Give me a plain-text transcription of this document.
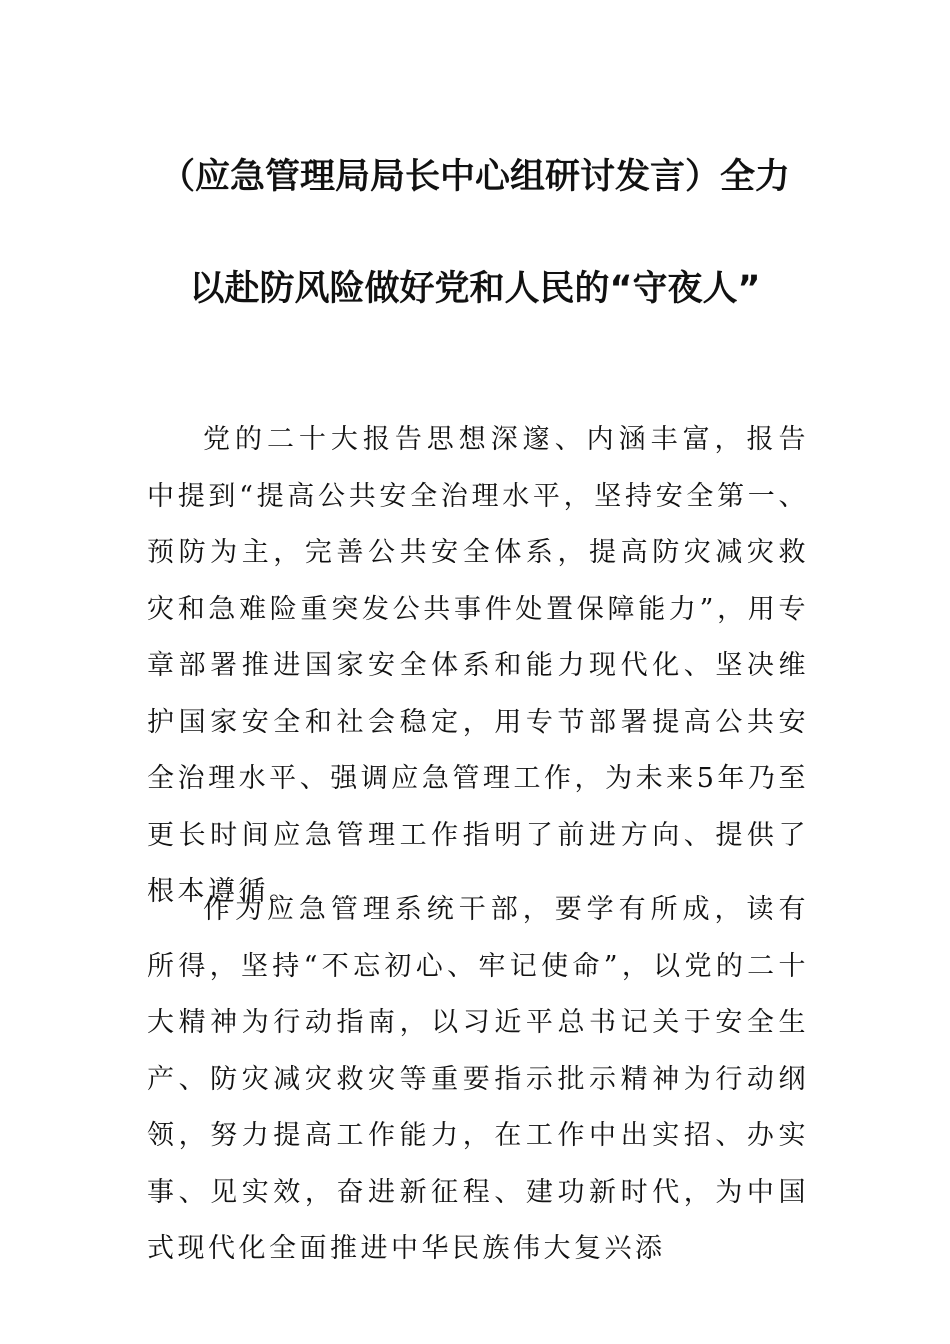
（应急管理局局长中心组研讨发言）全力
以赴防风险做好党和人民的“守夜人”

党的二十大报告思想深邃、内涵丰富，报告中提到“提高公共安全治理水平，坚持安全第一、预防为主，完善公共安全体系，提高防灾减灾救灾和急难险重突发公共事件处置保障能力”，用专章部署推进国家安全体系和能力现代化、坚决维护国家安全和社会稳定，用专节部署提高公共安全治理水平、强调应急管理工作，为未来5年乃至更长时间应急管理工作指明了前进方向、提供了根本遵循。

作为应急管理系统干部，要学有所成，读有所得，坚持“不忘初心、牢记使命”，以党的二十大精神为行动指南，以习近平总书记关于安全生产、防灾减灾救灾等重要指示批示精神为行动纲领，努力提高工作能力，在工作中出实招、办实事、见实效，奋进新征程、建功新时代，为中国式现代化全面推进中华民族伟大复兴添
